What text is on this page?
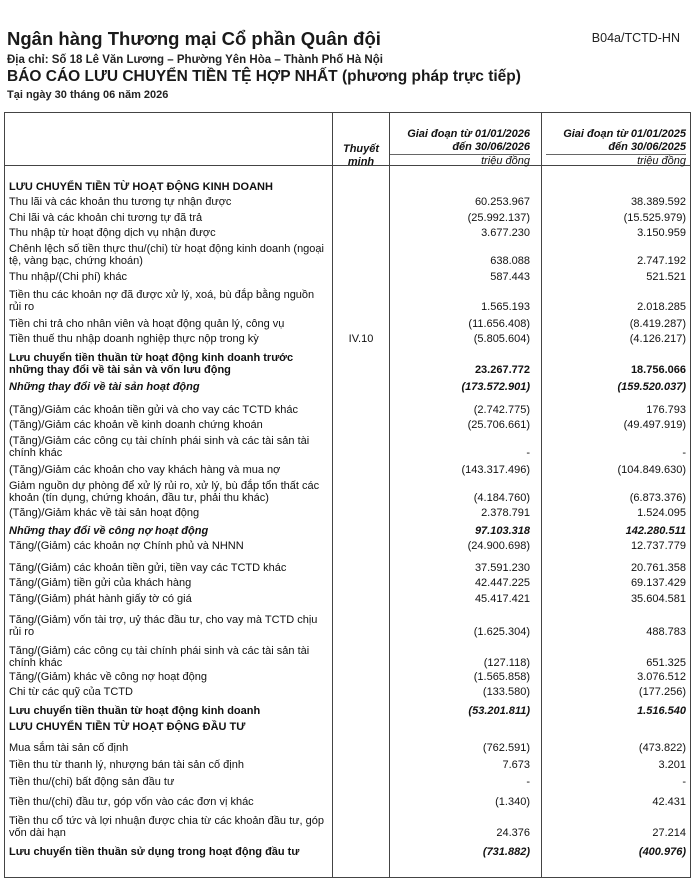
Ngân hàng Thương mại Cổ phần Quân đội	B04a/TCTD-HN
Địa chỉ: Số 18 Lê Văn Lương – Phường Yên Hòa – Thành Phố Hà Nội
BÁO CÁO LƯU CHUYỂN TIỀN TỆ HỢP NHẤT (phương pháp trực tiếp)
Tại ngày 30 tháng 06 năm 2026
Thuyết
minh
Giai đoạn từ 01/01/2026
đến 30/06/2026
triệu đồng
Giai đoạn từ 01/01/2025
đến 30/06/2025
triệu đồng
LƯU CHUYỂN TIỀN TỪ HOẠT ĐỘNG KINH DOANH
Thu lãi và các khoản thu tương tự nhận được	60.253.967	38.389.592
Chi lãi và các khoản chi tương tự đã trả	(25.992.137)	(15.525.979)
Thu nhập từ hoạt động dịch vụ nhận được	3.677.230	3.150.959
Chênh lệch số tiền thực thu/(chi) từ hoạt động kinh doanh (ngoại tệ, vàng bạc, chứng khoán)	638.088	2.747.192
Thu nhập/(Chi phí) khác	587.443	521.521
Tiền thu các khoản nợ đã được xử lý, xoá, bù đắp bằng nguồn rủi ro	1.565.193	2.018.285
Tiền chi trả cho nhân viên và hoạt động quản lý, công vụ	(11.656.408)	(8.419.287)
Tiền thuế thu nhập doanh nghiệp thực nộp trong kỳ	IV.10	(5.805.604)	(4.126.217)
Lưu chuyển tiền thuần từ hoạt động kinh doanh trước những thay đổi về tài sản và vốn lưu động	23.267.772	18.756.066
Những thay đổi về tài sản hoạt động	(173.572.901)	(159.520.037)
(Tăng)/Giảm các khoản tiền gửi và cho vay các TCTD khác	(2.742.775)	176.793
(Tăng)/Giảm các khoản về kinh doanh chứng khoán	(25.706.661)	(49.497.919)
(Tăng)/Giảm các công cụ tài chính phái sinh và các tài sản tài chính khác	-	-
(Tăng)/Giảm các khoản cho vay khách hàng và mua nợ	(143.317.496)	(104.849.630)
Giảm nguồn dự phòng để xử lý rủi ro, xử lý, bù đắp tổn thất các khoản (tín dụng, chứng khoán, đầu tư, phải thu khác)	(4.184.760)	(6.873.376)
(Tăng)/Giảm khác về tài sản hoạt động	2.378.791	1.524.095
Những thay đổi về công nợ hoạt động	97.103.318	142.280.511
Tăng/(Giảm) các khoản nợ Chính phủ và NHNN	(24.900.698)	12.737.779
Tăng/(Giảm) các khoản tiền gửi, tiền vay các TCTD khác	37.591.230	20.761.358
Tăng/(Giảm) tiền gửi của khách hàng	42.447.225	69.137.429
Tăng/(Giảm) phát hành giấy tờ có giá	45.417.421	35.604.581
Tăng/(Giảm) vốn tài trợ, uỷ thác đầu tư, cho vay mà TCTD chịu rủi ro	(1.625.304)	488.783
Tăng/(Giảm) các công cụ tài chính phái sinh và các tài sản tài chính khác	(127.118)	651.325
Tăng/(Giảm) khác về công nợ hoạt động	(1.565.858)	3.076.512
Chi từ các quỹ của TCTD	(133.580)	(177.256)
Lưu chuyển tiền thuần từ hoạt động kinh doanh	(53.201.811)	1.516.540
LƯU CHUYỂN TIỀN TỪ HOẠT ĐỘNG ĐẦU TƯ
Mua sắm tài sản cố định	(762.591)	(473.822)
Tiền thu từ thanh lý, nhượng bán tài sản cố định	7.673	3.201
Tiền thu/(chi) bất động sản đầu tư	-	-
Tiền thu/(chi) đầu tư, góp vốn vào các đơn vị khác	(1.340)	42.431
Tiền thu cổ tức và lợi nhuận được chia từ các khoản đầu tư, góp vốn dài hạn	24.376	27.214
Lưu chuyển tiền thuần sử dụng trong hoạt động đầu tư	(731.882)	(400.976)
